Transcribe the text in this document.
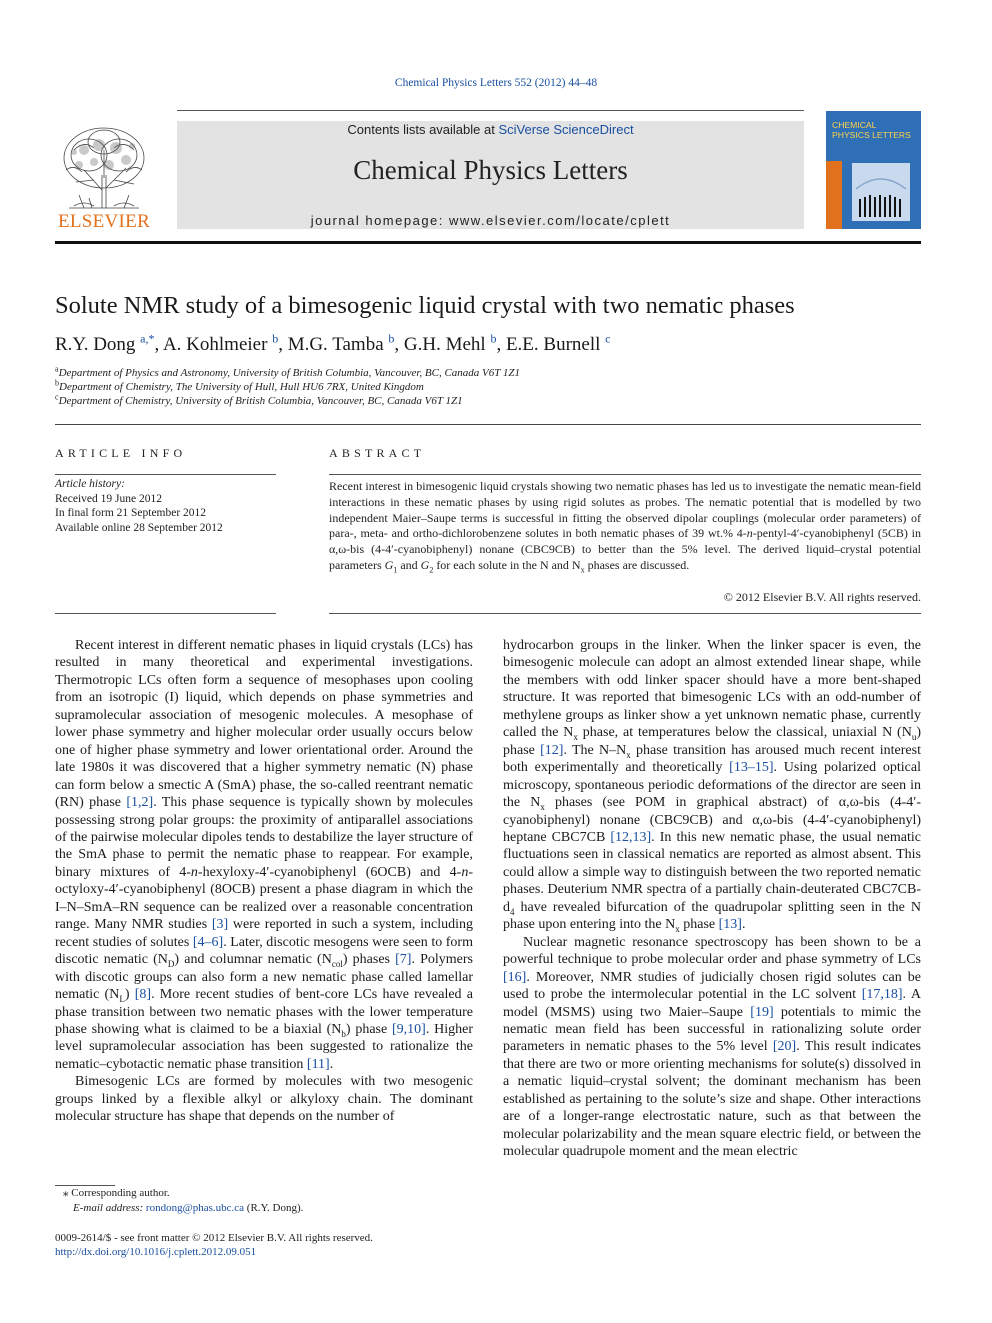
Chemical Physics Letters 552 (2012) 44–48
ELSEVIER
Contents lists available at SciVerse ScienceDirect
Chemical Physics Letters
journal homepage: www.elsevier.com/locate/cplett
CHEMICAL PHYSICS LETTERS
Solute NMR study of a bimesogenic liquid crystal with two nematic phases
R.Y. Dong $^{a,*}$, A. Kohlmeier $^b$, M.G. Tamba $^b$, G.H. Mehl $^b$, E.E. Burnell $^c$
$^a$Department of Physics and Astronomy, University of British Columbia, Vancouver, BC, Canada V6T 1Z1
$^b$Department of Chemistry, The University of Hull, Hull HU6 7RX, United Kingdom
$^c$Department of Chemistry, University of British Columbia, Vancouver, BC, Canada V6T 1Z1
ARTICLE INFO	ABSTRACT
Article history:
Received 19 June 2012
In final form 21 September 2012
Available online 28 September 2012
Recent interest in bimesogenic liquid crystals showing two nematic phases has led us to investigate the nematic mean-field interactions in these nematic phases by using rigid solutes as probes. The nematic potential that is modelled by two independent Maier–Saupe terms is successful in fitting the observed dipolar couplings (molecular order parameters) of para-, meta- and ortho-dichlorobenzene solutes in both nematic phases of 39 wt.% 4-n-pentyl-4′-cyanobiphenyl (5CB) in α,ω-bis (4-4′-cyanobiphenyl) nonane (CBC9CB) to better than the 5% level. The derived liquid–crystal potential parameters $G_1$ and $G_2$ for each solute in the N and $N_x$ phases are discussed.
© 2012 Elsevier B.V. All rights reserved.

Recent interest in different nematic phases in liquid crystals (LCs) has resulted in many theoretical and experimental investigations. Thermotropic LCs often form a sequence of mesophases upon cooling from an isotropic (I) liquid, which depends on phase symmetries and supramolecular association of mesogenic molecules. A mesophase of lower phase symmetry and higher molecular order usually occurs below one of higher phase symmetry and lower orientational order. Around the late 1980s it was discovered that a higher symmetry nematic (N) phase can form below a smectic A (SmA) phase, the so-called reentrant nematic (RN) phase [1,2]. This phase sequence is typically shown by molecules possessing strong polar groups: the proximity of antiparallel associations of the pairwise molecular dipoles tends to destabilize the layer structure of the SmA phase to permit the nematic phase to reappear. For example, binary mixtures of 4-n-hexyloxy-4′-cyanobiphenyl (6OCB) and 4-n-octyloxy-4′-cyanobiphenyl (8OCB) present a phase diagram in which the I–N–SmA–RN sequence can be realized over a reasonable concentration range. Many NMR studies [3] were reported in such a system, including recent studies of solutes [4–6]. Later, discotic mesogens were seen to form discotic nematic $(N_D)$ and columnar nematic $(N_{col})$ phases [7]. Polymers with discotic groups can also form a new nematic phase called lamellar nematic $(N_L)$ [8]. More recent studies of bent-core LCs have revealed a phase transition between two nematic phases with the lower temperature phase showing what is claimed to be a biaxial $(N_b)$ phase [9,10]. Higher level supramolecular association has been suggested to rationalize the nematic–cybotactic nematic phase transition [11].

Bimesogenic LCs are formed by molecules with two mesogenic groups linked by a flexible alkyl or alkyloxy chain. The dominant molecular structure has shape that depends on the number of

hydrocarbon groups in the linker. When the linker spacer is even, the bimesogenic molecule can adopt an almost extended linear shape, while the members with odd linker spacer should have a more bent-shaped structure. It was reported that bimesogenic LCs with an odd-number of methylene groups as linker show a yet unknown nematic phase, currently called the $N_x$ phase, at temperatures below the classical, uniaxial N $(N_u)$ phase [12]. The $N-N_x$ phase transition has aroused much recent interest both experimentally and theoretically [13–15]. Using polarized optical microscopy, spontaneous periodic deformations of the director are seen in the $N_x$ phases (see POM in graphical abstract) of α,ω-bis (4-4′-cyanobiphenyl) nonane (CBC9CB) and α,ω-bis (4-4′-cyanobiphenyl) heptane CBC7CB [12,13]. In this new nematic phase, the usual nematic fluctuations seen in classical nematics are reported as almost absent. This could allow a simple way to distinguish between the two reported nematic phases. Deuterium NMR spectra of a partially chain-deuterated $CBC7CB-d_4$ have revealed bifurcation of the quadrupolar splitting seen in the N phase upon entering into the $N_x$ phase [13].

Nuclear magnetic resonance spectroscopy has been shown to be a powerful technique to probe molecular order and phase symmetry of LCs [16]. Moreover, NMR studies of judicially chosen rigid solutes can be used to probe the intermolecular potential in the LC solvent [17,18]. A model (MSMS) using two Maier–Saupe [19] potentials to mimic the nematic mean field has been successful in rationalizing solute order parameters in nematic phases to the 5% level [20]. This result indicates that there are two or more orienting mechanisms for solute(s) dissolved in a nematic liquid–crystal solvent; the dominant mechanism has been established as pertaining to the solute’s size and shape. Other interactions are of a longer-range electrostatic nature, such as that between the molecular polarizability and the mean square electric field, or between the molecular quadrupole moment and the mean electric

⁎ Corresponding author.
E-mail address: rondong@phas.ubc.ca (R.Y. Dong).
0009-2614/$ - see front matter © 2012 Elsevier B.V. All rights reserved.
http://dx.doi.org/10.1016/j.cplett.2012.09.051
